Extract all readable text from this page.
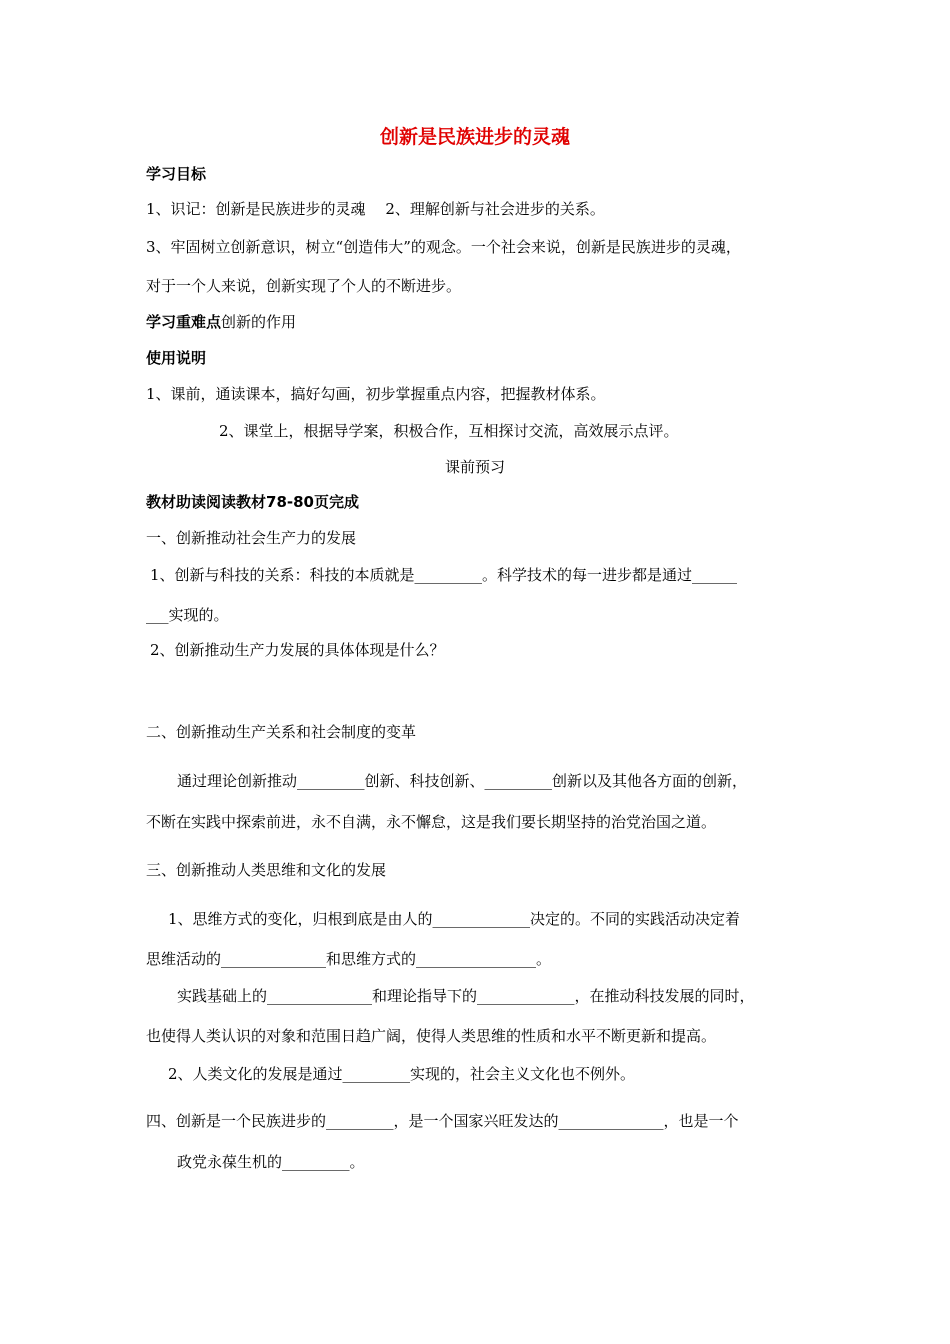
创新是民族进步的灵魂
学习目标
1、识记：创新是民族进步的灵魂　 2、理解创新与社会进步的关系。
3、牢固树立创新意识，树立“创造伟大”的观念。一个社会来说，创新是民族进步的灵魂，
对于一个人来说，创新实现了个人的不断进步。
学习重难点创新的作用
使用说明
1、课前，通读课本，搞好勾画，初步掌握重点内容，把握教材体系。
2、课堂上，根据导学案，积极合作，互相探讨交流，高效展示点评。
课前预习
教材助读阅读教材78-80页完成
一、创新推动社会生产力的发展
1、创新与科技的关系：科技的本质就是_________。科学技术的每一进步都是通过______
___实现的。
2、创新推动生产力发展的具体体现是什么？
二、创新推动生产关系和社会制度的变革
通过理论创新推动_________创新、科技创新、_________创新以及其他各方面的创新，
不断在实践中探索前进，永不自满，永不懈怠，这是我们要长期坚持的治党治国之道。
三、创新推动人类思维和文化的发展
1、思维方式的变化，归根到底是由人的_____________决定的。不同的实践活动决定着
思维活动的______________和思维方式的________________。
实践基础上的______________和理论指导下的_____________，在推动科技发展的同时，
也使得人类认识的对象和范围日趋广阔，使得人类思维的性质和水平不断更新和提高。
2、人类文化的发展是通过_________实现的，社会主义文化也不例外。
四、创新是一个民族进步的_________，是一个国家兴旺发达的______________，也是一个
政党永葆生机的_________。
